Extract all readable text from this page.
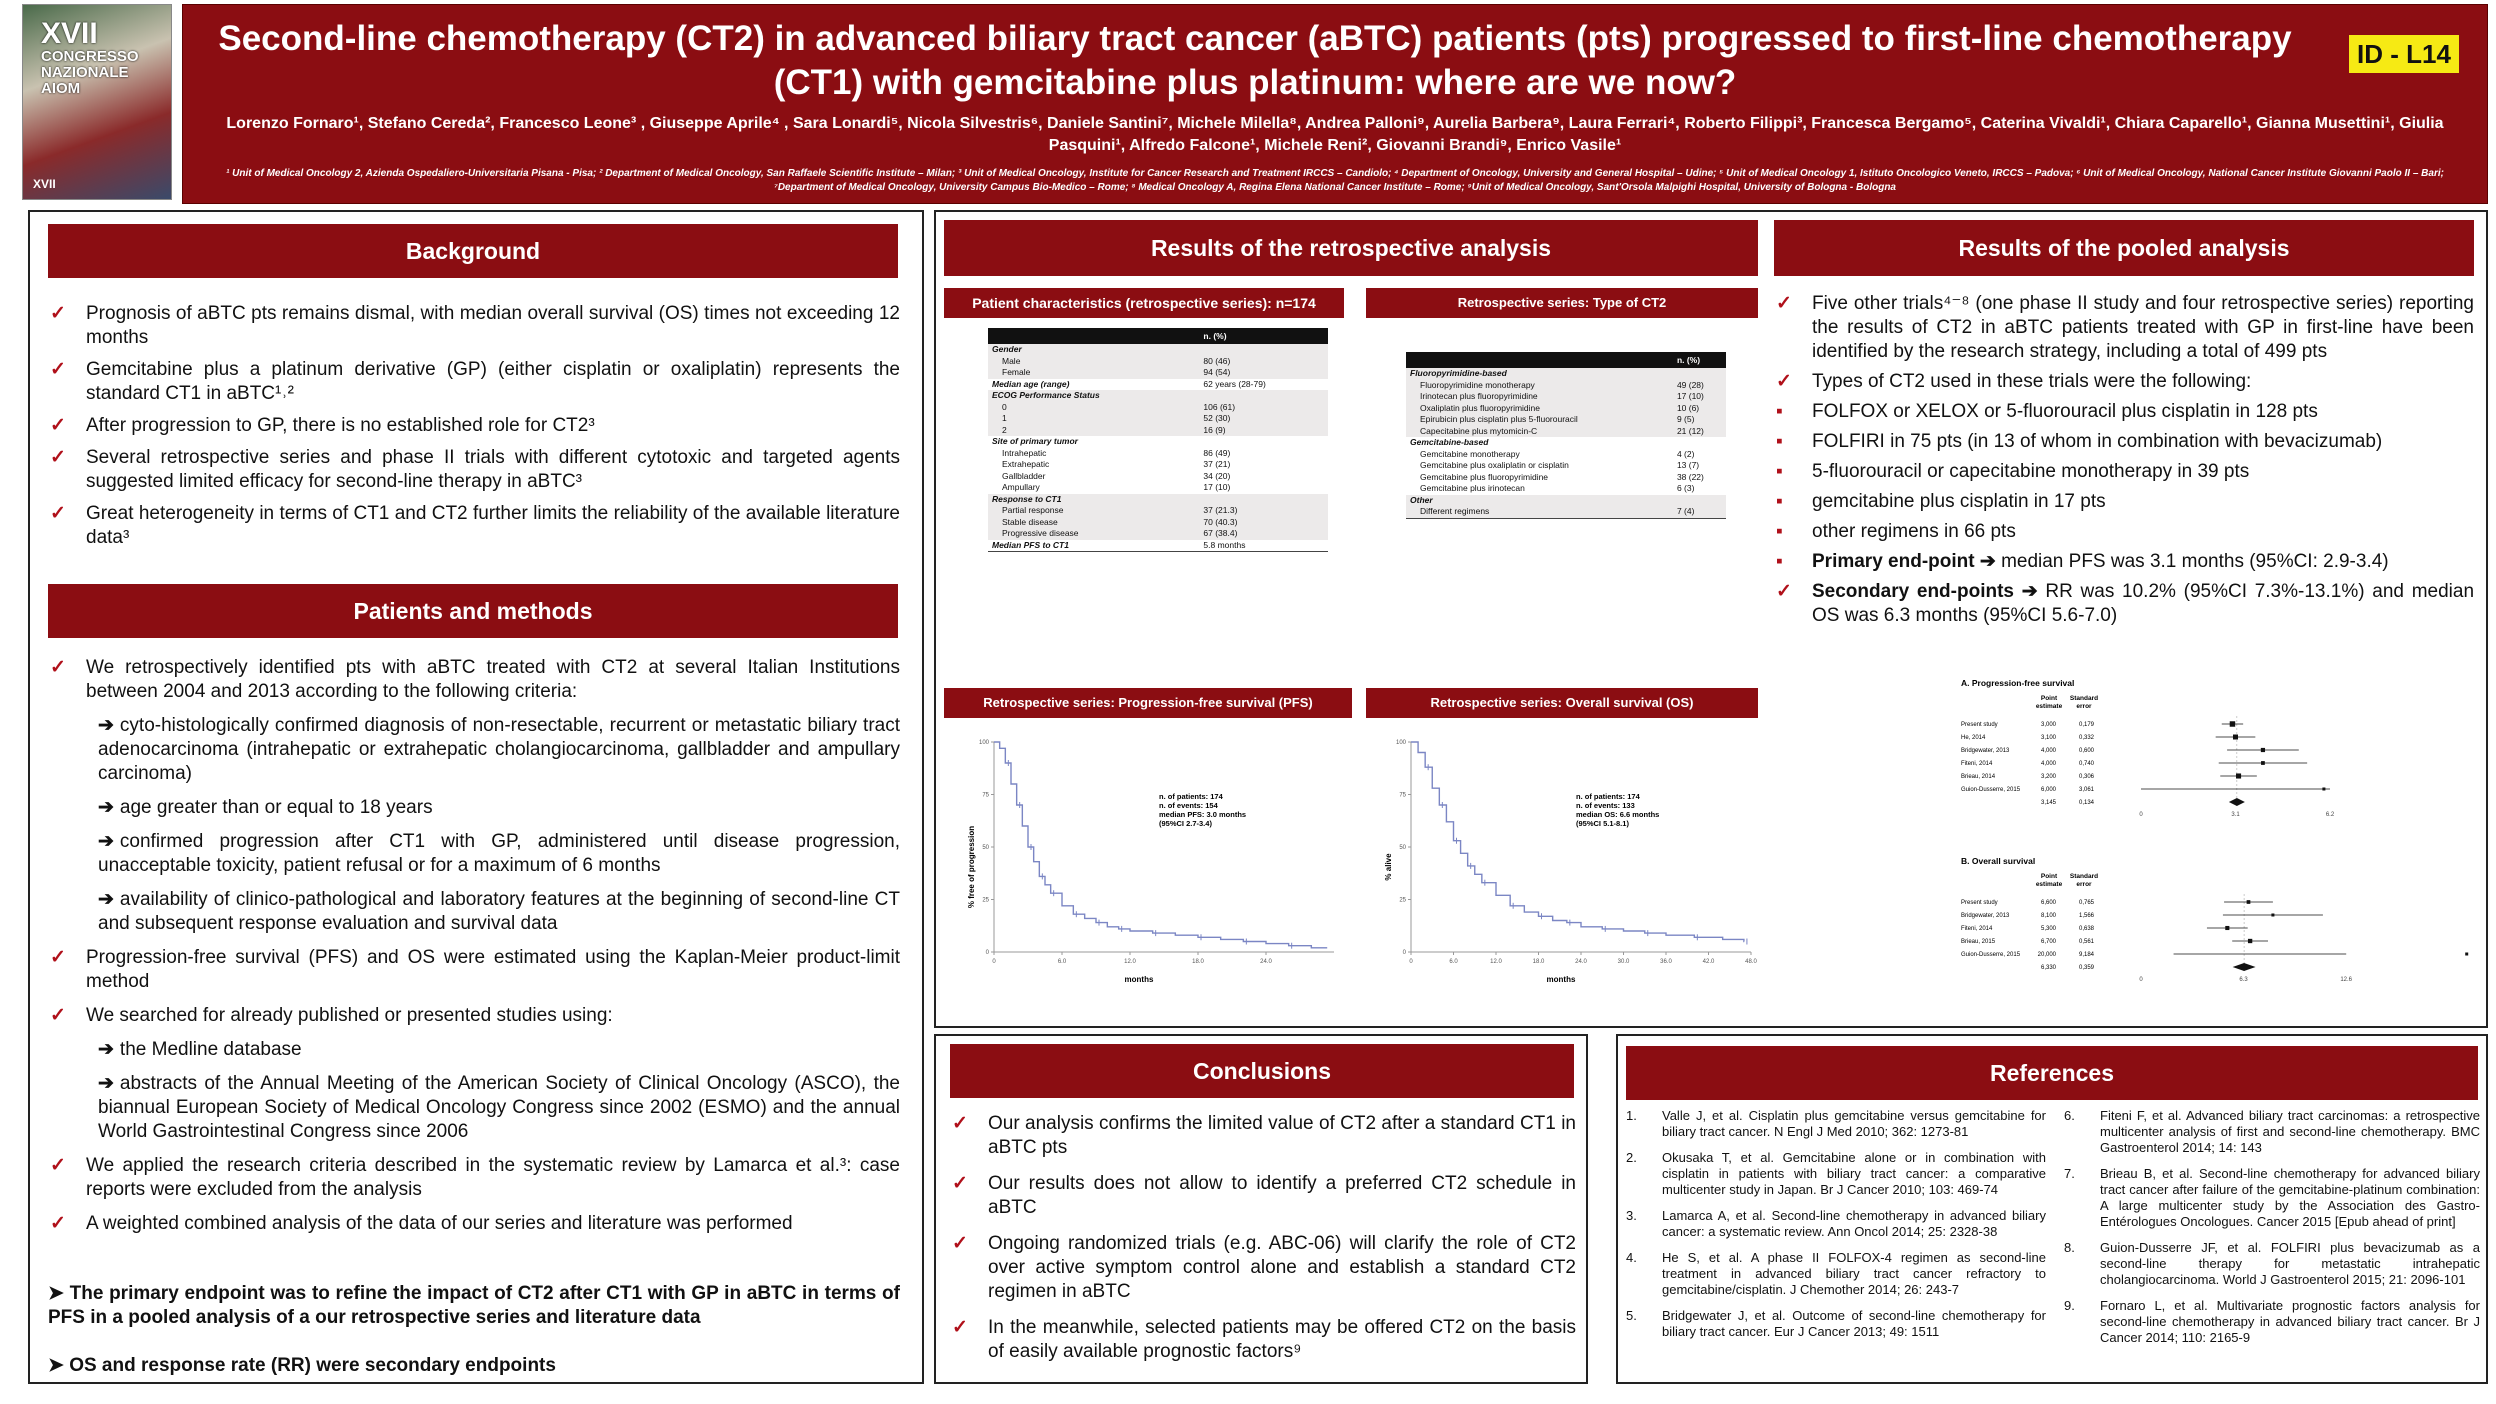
XVII
CONGRESSO
NAZIONALE
AIOM
XVII
Second-line chemotherapy (CT2) in advanced biliary tract cancer (aBTC) patients (pts) progressed to first-line chemotherapy (CT1) with gemcitabine plus platinum: where are we now?
ID - L14
Lorenzo Fornaro¹, Stefano Cereda², Francesco Leone³ , Giuseppe Aprile⁴ , Sara Lonardi⁵, Nicola Silvestris⁶, Daniele Santini⁷, Michele Milella⁸, Andrea Palloni⁹, Aurelia Barbera⁹, Laura Ferrari⁴, Roberto Filippi³, Francesca Bergamo⁵, Caterina Vivaldi¹, Chiara Caparello¹, Gianna Musettini¹, Giulia Pasquini¹, Alfredo Falcone¹, Michele Reni², Giovanni Brandi⁹, Enrico Vasile¹
¹ Unit of Medical Oncology 2, Azienda Ospedaliero-Universitaria Pisana - Pisa; ² Department of Medical Oncology, San Raffaele Scientific Institute – Milan; ³ Unit of Medical Oncology, Institute for Cancer Research and Treatment IRCCS – Candiolo; ⁴ Department of Oncology, University and General Hospital – Udine; ⁵ Unit of Medical Oncology 1, Istituto Oncologico Veneto, IRCCS – Padova; ⁶ Unit of Medical Oncology, National Cancer Institute Giovanni Paolo II – Bari; ⁷Department of Medical Oncology, University Campus Bio-Medico – Rome; ⁸ Medical Oncology A, Regina Elena National Cancer Institute – Rome; ⁹Unit of Medical Oncology, Sant'Orsola Malpighi Hospital, University of Bologna - Bologna
Background
✓ Prognosis of aBTC pts remains dismal, with median overall survival (OS) times not exceeding 12 months
✓ Gemcitabine plus a platinum derivative (GP) (either cisplatin or oxaliplatin) represents the standard CT1 in aBTC¹˒²
✓ After progression to GP, there is no established role for CT2³
✓ Several retrospective series and phase II trials with different cytotoxic and targeted agents suggested limited efficacy for second-line therapy in aBTC³
✓ Great heterogeneity in terms of CT1 and CT2 further limits the reliability of the available literature data³
Patients and methods
✓ We retrospectively identified pts with aBTC treated with CT2 at several Italian Institutions between 2004 and 2013 according to the following criteria:
➔ cyto-histologically confirmed diagnosis of non-resectable, recurrent or metastatic biliary tract adenocarcinoma (intrahepatic or extrahepatic cholangiocarcinoma, gallbladder and ampullary carcinoma)
➔ age greater than or equal to 18 years
➔ confirmed progression after CT1 with GP, administered until disease progression, unacceptable toxicity, patient refusal or for a maximum of 6 months
➔ availability of clinico-pathological and laboratory features at the beginning of second-line CT and subsequent response evaluation and survival data
✓ Progression-free survival (PFS) and OS were estimated using the Kaplan-Meier product-limit method
✓ We searched for already published or presented studies using:
➔ the Medline database
➔ abstracts of the Annual Meeting of the American Society of Clinical Oncology (ASCO), the biannual European Society of Medical Oncology Congress since 2002 (ESMO) and the annual World Gastrointestinal Congress since 2006
✓ We applied the research criteria described in the systematic review by Lamarca et al.³: case reports were excluded from the analysis
✓ A weighted combined analysis of the data of our series and literature was performed
➤ The primary endpoint was to refine the impact of CT2 after CT1 with GP in aBTC in terms of PFS in a pooled analysis of a our retrospective series and literature data
➤ OS and response rate (RR) were secondary endpoints
Results of the retrospective analysis	Results of the pooled analysis
Patient characteristics (retrospective series): n=174
	n. (%)
Gender	
Male	80 (46)
Female	94 (54)
Median age (range)	62 years (28-79)
ECOG Performance Status	
0	106 (61)
1	52 (30)
2	16 (9)
Site of primary tumor	
Intrahepatic	86 (49)
Extrahepatic	37 (21)
Gallbladder	34 (20)
Ampullary	17 (10)
Response to CT1	
Partial response	37 (21.3)
Stable disease	70 (40.3)
Progressive disease	67 (38.4)
Median PFS to CT1	5.8 months
Retrospective series: Type of CT2
	n. (%)
Fluoropyrimidine-based	
Fluoropyrimidine monotherapy	49 (28)
Irinotecan plus fluoropyrimidine	17 (10)
Oxaliplatin plus fluoropyrimidine	10 (6)
Epirubicin plus cisplatin plus 5-fluorouracil	9 (5)
Capecitabine plus mytomicin-C	21 (12)
Gemcitabine-based	
Gemcitabine monotherapy	4 (2)
Gemcitabine plus oxaliplatin or cisplatin	13 (7)
Gemcitabine plus fluoropyrimidine	38 (22)
Gemcitabine plus irinotecan	6 (3)
Other	
Different regimens	7 (4)
Retrospective series: Progression-free survival (PFS)	Retrospective series: Overall survival (OS)
% free of progression
months
n. of patients: 174
n. of events: 154
median PFS: 3.0 months
(95%CI 2.7-3.4)
0
25
50
75
100
0	6.0	12.0	18.0	24.0
% alive
months
n. of patients: 174
n. of events: 133
median OS: 6.6 months
(95%CI 5.1-8.1)
0
25
50
75
100
0	6.0	12.0	18.0	24.0	30.0	36.0	42.0	48.0
✓ Five other trials⁴⁻⁸ (one phase II study and four retrospective series) reporting the results of CT2 in aBTC patients treated with GP in first-line have been identified by the research strategy, including a total of 499 pts
✓ Types of CT2 used in these trials were the following:
▪ FOLFOX or XELOX or 5-fluorouracil plus cisplatin in 128 pts
▪ FOLFIRI in 75 pts (in 13 of whom in combination with bevacizumab)
▪ 5-fluorouracil or capecitabine monotherapy in 39 pts
▪ gemcitabine plus cisplatin in 17 pts
▪ other regimens in 66 pts
▪ Primary end-point ➔ median PFS was 3.1 months (95%CI: 2.9-3.4)
✓ Secondary end-points ➔ RR was 10.2% (95%CI 7.3%-13.1%) and median OS was 6.3 months (95%CI 5.6-7.0)
A. Progression-free survival
Point
estimate
Standard
error
Present study	3,000	0,179
He, 2014	3,100	0,332
Bridgewater, 2013	4,000	0,600
Fiteni, 2014	4,000	0,740
Brieau, 2014	3,200	0,306
Guion-Dusserre, 2015	6,000	3,061
3,145	0,134
0	3.1	6.2
B. Overall survival
Point
estimate
Standard
error
Present study	6,600	0,765
Bridgewater, 2013	8,100	1,566
Fiteni, 2014	5,300	0,638
Brieau, 2015	6,700	0,561
Guion-Dusserre, 2015	20,000	9,184
6,330	0,359
0	6.3	12.6
Conclusions
✓ Our analysis confirms the limited value of CT2 after a standard CT1 in aBTC pts
✓ Our results does not allow to identify a preferred CT2 schedule in aBTC
✓ Ongoing randomized trials (e.g. ABC-06) will clarify the role of CT2 over active symptom control alone and establish a standard CT2 regimen in aBTC
✓ In the meanwhile, selected patients may be offered CT2 on the basis of easily available prognostic factors⁹
References
1. Valle J, et al. Cisplatin plus gemcitabine versus gemcitabine for biliary tract cancer. N Engl J Med 2010; 362: 1273-81
2. Okusaka T, et al. Gemcitabine alone or in combination with cisplatin in patients with biliary tract cancer: a comparative multicenter study in Japan. Br J Cancer 2010; 103: 469-74
3. Lamarca A, et al. Second-line chemotherapy in advanced biliary cancer: a systematic review. Ann Oncol 2014; 25: 2328-38
4. He S, et al. A phase II FOLFOX-4 regimen as second-line treatment in advanced biliary tract cancer refractory to gemcitabine/cisplatin. J Chemother 2014; 26: 243-7
5. Bridgewater J, et al. Outcome of second-line chemotherapy for biliary tract cancer. Eur J Cancer 2013; 49: 1511
6. Fiteni F, et al. Advanced biliary tract carcinomas: a retrospective multicenter analysis of first and second-line chemotherapy. BMC Gastroenterol 2014; 14: 143
7. Brieau B, et al. Second-line chemotherapy for advanced biliary tract cancer after failure of the gemcitabine-platinum combination: A large multicenter study by the Association des Gastro-Entérologues Oncologues. Cancer 2015 [Epub ahead of print]
8. Guion-Dusserre JF, et al. FOLFIRI plus bevacizumab as a second-line therapy for metastatic intrahepatic cholangiocarcinoma. World J Gastroenterol 2015; 21: 2096-101
9. Fornaro L, et al. Multivariate prognostic factors analysis for second-line chemotherapy in advanced biliary tract cancer. Br J Cancer 2014; 110: 2165-9
